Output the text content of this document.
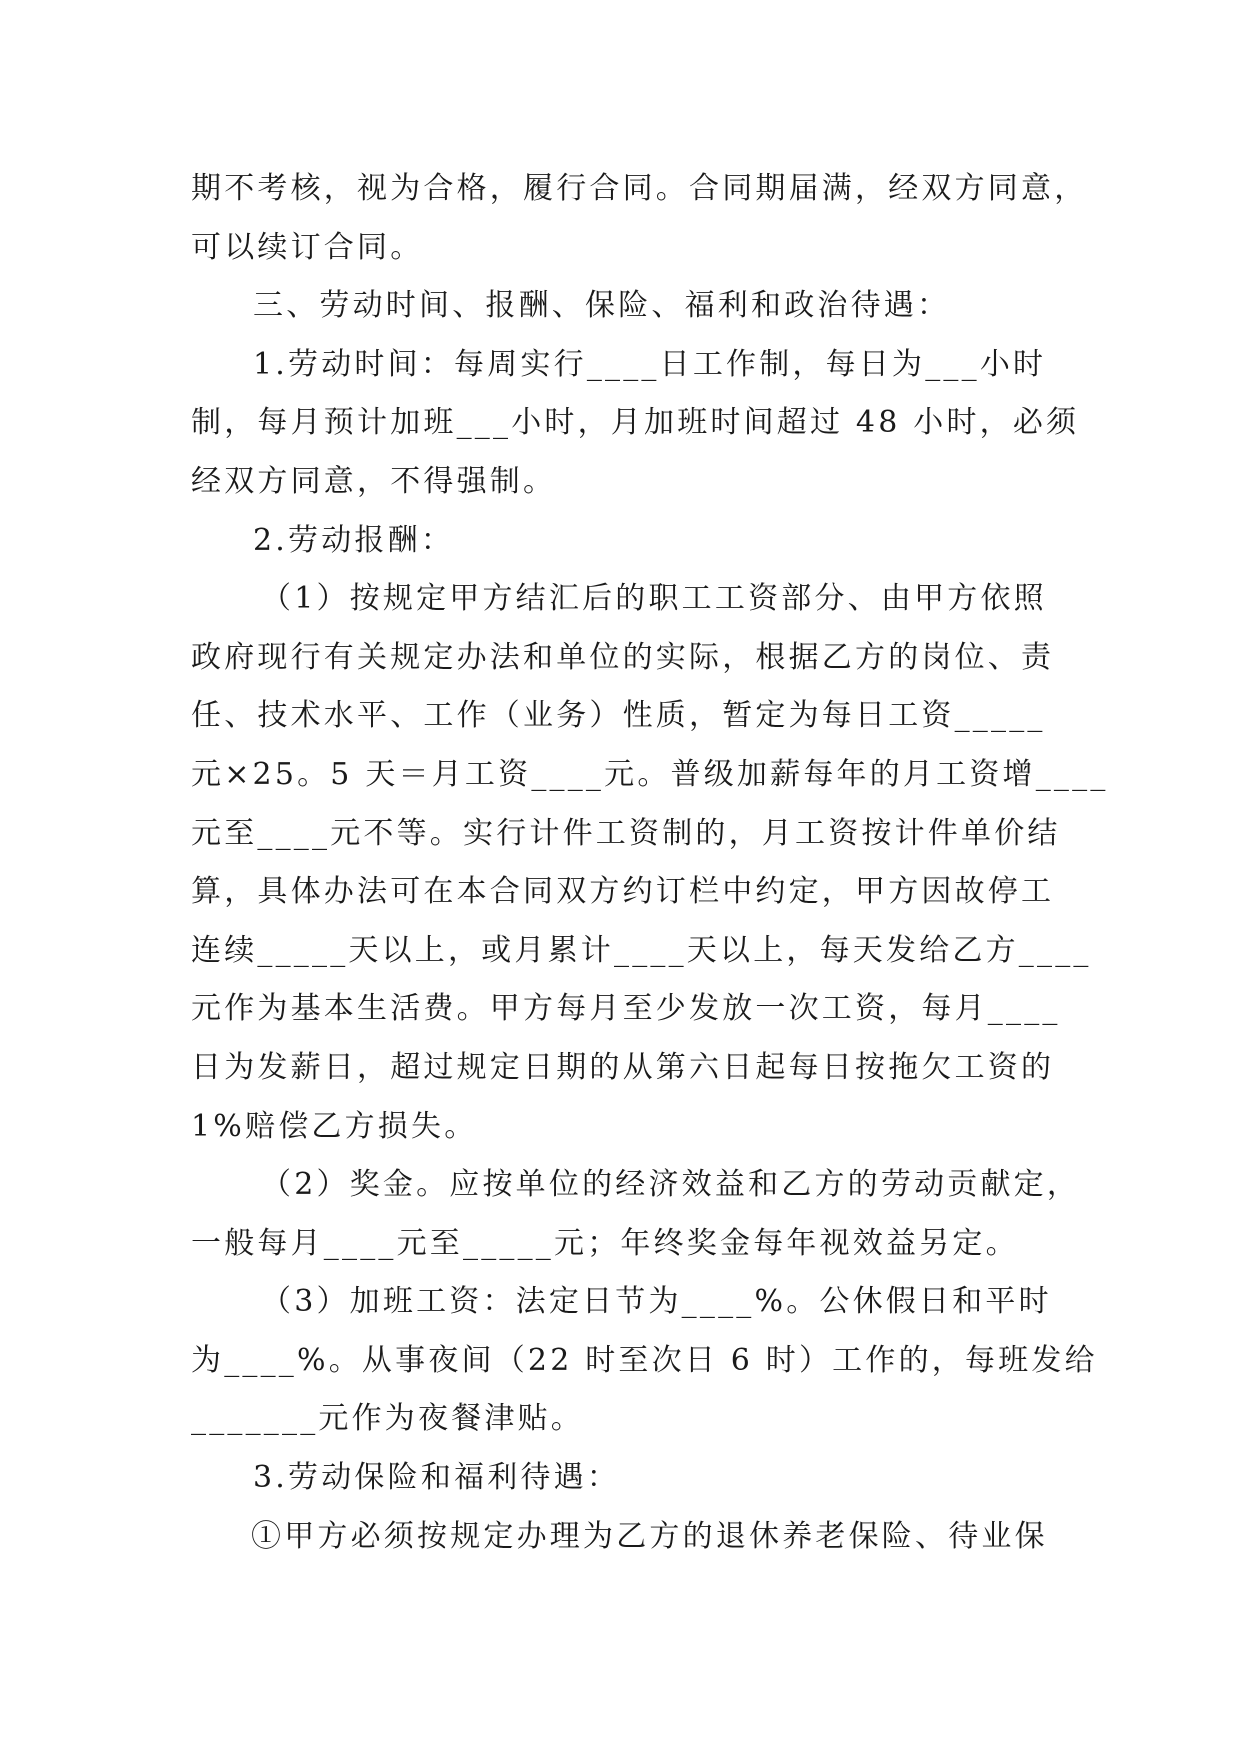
期不考核，视为合格，履行合同。合同期届满，经双方同意，
可以续订合同。
三、劳动时间、报酬、保险、福利和政治待遇：
1.劳动时间：每周实行____日工作制，每日为___小时
制，每月预计加班___小时，月加班时间超过 48 小时，必须
经双方同意，不得强制。
2.劳动报酬：
（1）按规定甲方结汇后的职工工资部分、由甲方依照
政府现行有关规定办法和单位的实际，根据乙方的岗位、责
任、技术水平、工作（业务）性质，暂定为每日工资_____
元×25。5 天＝月工资____元。普级加薪每年的月工资增____
元至____元不等。实行计件工资制的，月工资按计件单价结
算，具体办法可在本合同双方约订栏中约定，甲方因故停工
连续_____天以上，或月累计____天以上，每天发给乙方____
元作为基本生活费。甲方每月至少发放一次工资，每月____
日为发薪日，超过规定日期的从第六日起每日按拖欠工资的
1%赔偿乙方损失。
（2）奖金。应按单位的经济效益和乙方的劳动贡献定，
一般每月____元至_____元；年终奖金每年视效益另定。
（3）加班工资：法定日节为____%。公休假日和平时
为____%。从事夜间（22 时至次日 6 时）工作的，每班发给
_______元作为夜餐津贴。
3.劳动保险和福利待遇：
①甲方必须按规定办理为乙方的退休养老保险、待业保
